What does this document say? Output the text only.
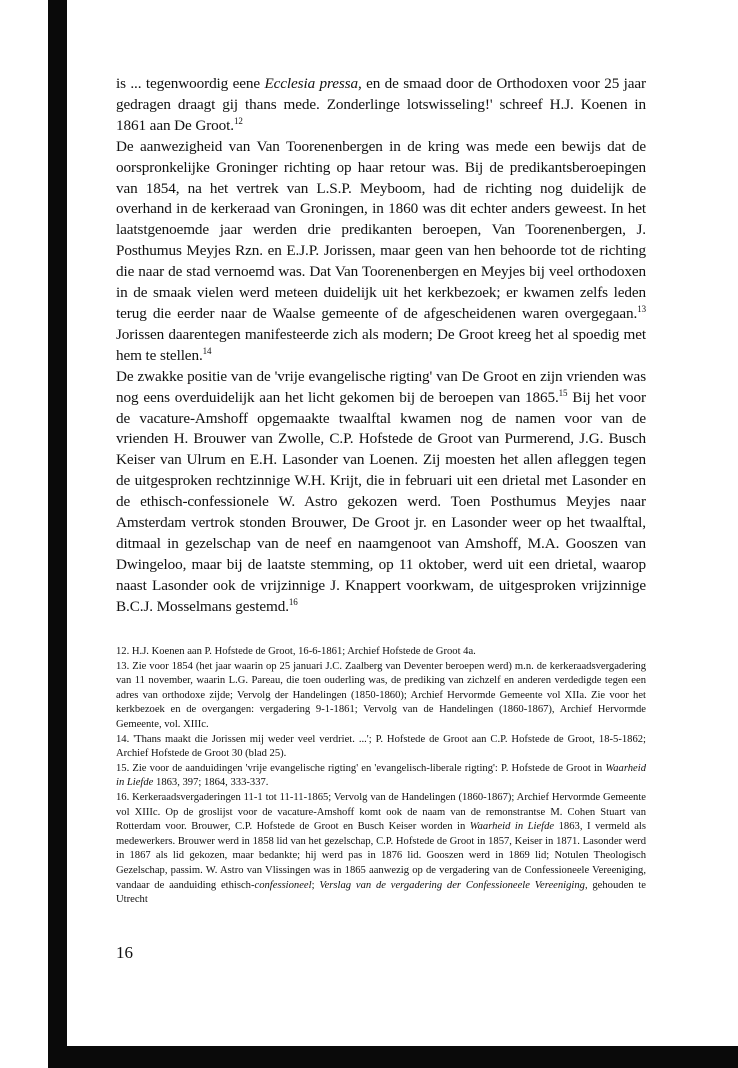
is ... tegenwoordig eene Ecclesia pressa, en de smaad door de Orthodoxen voor 25 jaar gedragen draagt gij thans mede. Zonderlinge lotswisseling!' schreef H.J. Koenen in 1861 aan De Groot.$^{12}$

De aanwezigheid van Van Toorenenbergen in de kring was mede een bewijs dat de oorspronkelijke Groninger richting op haar retour was. Bij de predikantsberoepingen van 1854, na het vertrek van L.S.P. Meyboom, had de richting nog duidelijk de overhand in de kerkeraad van Groningen, in 1860 was dit echter anders geweest. In het laatstgenoemde jaar werden drie predikanten beroepen, Van Toorenenbergen, J. Posthumus Meyjes Rzn. en E.J.P. Jorissen, maar geen van hen behoorde tot de richting die naar de stad vernoemd was. Dat Van Toorenenbergen en Meyjes bij veel orthodoxen in de smaak vielen werd meteen duidelijk uit het kerkbezoek; er kwamen zelfs leden terug die eerder naar de Waalse gemeente of de afgescheidenen waren overgegaan.$^{13}$ Jorissen daarentegen manifesteerde zich als modern; De Groot kreeg het al spoedig met hem te stellen.$^{14}$

De zwakke positie van de 'vrije evangelische rigting' van De Groot en zijn vrienden was nog eens overduidelijk aan het licht gekomen bij de beroepen van 1865.15 Bij het voor de vacature-Amshoff opgemaakte twaalftal kwamen nog de namen voor van de vrienden H. Brouwer van Zwolle, C.P. Hofstede de Groot van Purmerend, J.G. Busch Keiser van Ulrum en E.H. Lasonder van Loenen. Zij moesten het allen afleggen tegen de uitgesproken rechtzinnige W.H. Krijt, die in februari uit een drietal met Lasonder en de ethisch-confessionele W. Astro gekozen werd. Toen Posthumus Meyjes naar Amsterdam vertrok stonden Brouwer, De Groot jr. en Lasonder weer op het twaalftal, ditmaal in gezelschap van de neef en naamgenoot van Amshoff, M.A. Gooszen van Dwingeloo, maar bij de laatste stemming, op 11 oktober, werd uit een drietal, waarop naast Lasonder ook de vrijzinnige J. Knappert voorkwam, de uitgesproken vrijzinnige B.C.J. Mosselmans gestemd.$^{16}$

12. H.J. Koenen aan P. Hofstede de Groot, 16-6-1861; Archief Hofstede de Groot 4a.

13. Zie voor 1854 (het jaar waarin op 25 januari J.C. Zaalberg van Deventer beroepen werd) m.n. de kerkeraadsvergadering van 11 november, waarin L.G. Pareau, die toen ouderling was, de prediking van zichzelf en anderen verdedigde tegen een adres van orthodoxe zijde; Vervolg der Handelingen (1850-1860); Archief Hervormde Gemeente vol XIIa. Zie voor het kerkbezoek en de overgangen: vergadering 9-1-1861; Vervolg van de Handelingen (1860-1867), Archief Hervormde Gemeente, vol. XIIIc.

14. 'Thans maakt die Jorissen mij weder veel verdriet. ...'; P. Hofstede de Groot aan C.P. Hofstede de Groot, 18-5-1862; Archief Hofstede de Groot 30 (blad 25).

15. Zie voor de aanduidingen 'vrije evangelische rigting' en 'evangelisch-liberale rigting': P. Hofstede de Groot in Waarheid in Liefde 1863, 397; 1864, 333-337.

16. Kerkeraadsvergaderingen 11-1 tot 11-11-1865; Vervolg van de Handelingen (1860-1867); Archief Hervormde Gemeente vol XIIIc. Op de groslijst voor de vacature-Amshoff komt ook de naam van de remonstrantse M. Cohen Stuart van Rotterdam voor. Brouwer, C.P. Hofstede de Groot en Busch Keiser worden in Waarheid in Liefde 1863, I vermeld als medewerkers. Brouwer werd in 1858 lid van het gezelschap, C.P. Hofstede de Groot in 1857, Keiser in 1871. Lasonder werd in 1867 als lid gekozen, maar bedankte; hij werd pas in 1876 lid. Gooszen werd in 1869 lid; Notulen Theologisch Gezelschap, passim. W. Astro van Vlissingen was in 1865 aanwezig op de vergadering van de Confessioneele Vereeniging, vandaar de aanduiding ethisch-confessioneel; Verslag van de vergadering der Confessioneele Vereeniging, gehouden te Utrecht

16
